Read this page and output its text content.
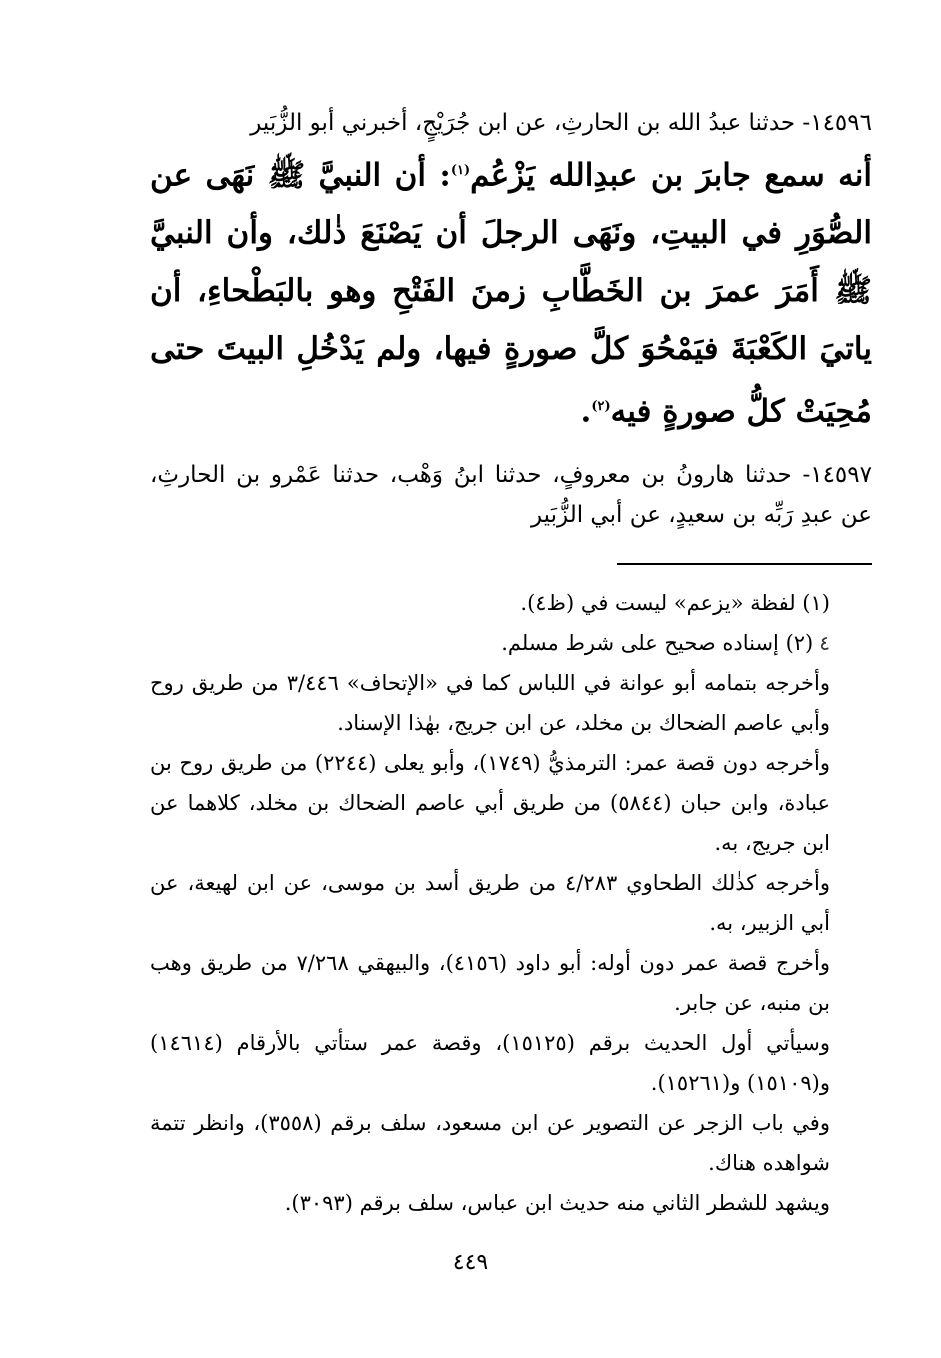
١٤٥٩٦- حدثنا عبدُ الله بن الحارثِ، عن ابن جُرَيْجٍ، أخبرني أبو الزُّبَير

أنه سمع جابرَ بن عبدِالله يَزْعُم$^{(١)}$: أن النبيَّ ﷺ نَهَى عن الصُّوَرِ في البيتِ، ونَهَى الرجلَ أن يَصْنَعَ ذٰلك، وأن النبيَّ ﷺ أَمَرَ عمرَ بن الخَطَّابِ زمنَ الفَتْحِ وهو بالبَطْحاءِ، أن ياتيَ الكَعْبَةَ فيَمْحُوَ كلَّ صورةٍ فيها، ولم يَدْخُلِ البيتَ حتى مُحِيَتْ كلُّ صورةٍ فيه$^{(٢)}$.

١٤٥٩٧- حدثنا هارونُ بن معروفٍ، حدثنا ابنُ وَهْب، حدثنا عَمْرو بن الحارثِ، عن عبدِ رَبِّه بن سعيدٍ، عن أبي الزُّبَير

(١) لفظة «يزعم» ليست في (ظ٤).

٤(٢) إسناده صحيح على شرط مسلم.

وأخرجه بتمامه أبو عوانة في اللباس كما في «الإتحاف» ٣/٤٤٦ من طريق روح وأبي عاصم الضحاك بن مخلد، عن ابن جريج، بهٰذا الإسناد.

وأخرجه دون قصة عمر: الترمذيُّ (١٧٤٩)، وأبو يعلى (٢٢٤٤) من طريق روح بن عبادة، وابن حبان (٥٨٤٤) من طريق أبي عاصم الضحاك بن مخلد، كلاهما عن ابن جريج، به.

وأخرجه كذٰلك الطحاوي ٤/٢٨٣ من طريق أسد بن موسى، عن ابن لهيعة، عن أبي الزبير، به.

وأخرج قصة عمر دون أوله: أبو داود (٤١٥٦)، والبيهقي ٧/٢٦٨ من طريق وهب بن منبه، عن جابر.

وسيأتي أول الحديث برقم (١٥١٢٥)، وقصة عمر ستأتي بالأرقام (١٤٦١٤) و(١٥١٠٩) و(١٥٢٦١).

وفي باب الزجر عن التصوير عن ابن مسعود، سلف برقم (٣٥٥٨)، وانظر تتمة شواهده هناك.

ويشهد للشطر الثاني منه حديث ابن عباس، سلف برقم (٣٠٩٣).

٤٤٩
